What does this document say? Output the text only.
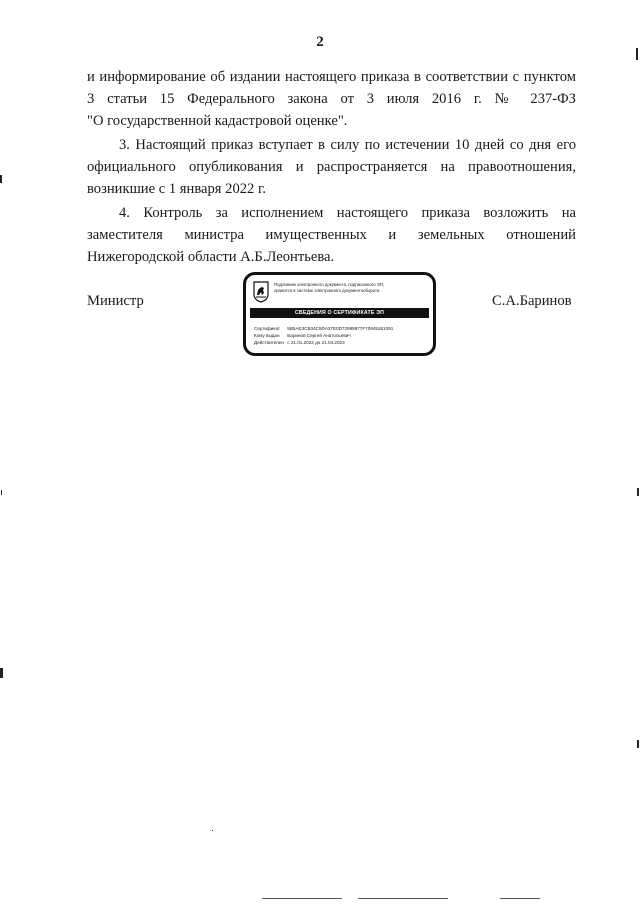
2

и информирование об издании настоящего приказа в соответствии с пунктом

3 статьи 15 Федерального закона от 3 июля 2016 г. № 237-ФЗ

"О государственной кадастровой оценке".

3. Настоящий приказ вступает в силу по истечении 10 дней со дня его

официального опубликования и распространяется на правоотношения,

возникшие с 1 января 2022 г.

4. Контроль за исполнением настоящего приказа возложить на

заместителя министра имущественных и земельных отношений

Нижегородской области А.Б.Леонтьева.

Министр
Подлинник электронного документа, подписанного ЭП,
хранится в системе электронного документооборота
СВЕДЕНИЯ О СЕРТИФИКАТЕ ЭП
Сертификат 5B5AE3CB34C5DA37E0D72998977F70945261091
Кому выдан Баринов Сергей Анатольевич
Действителен с 21.01.2022 до 21.04.2023
С.А.Баринов
